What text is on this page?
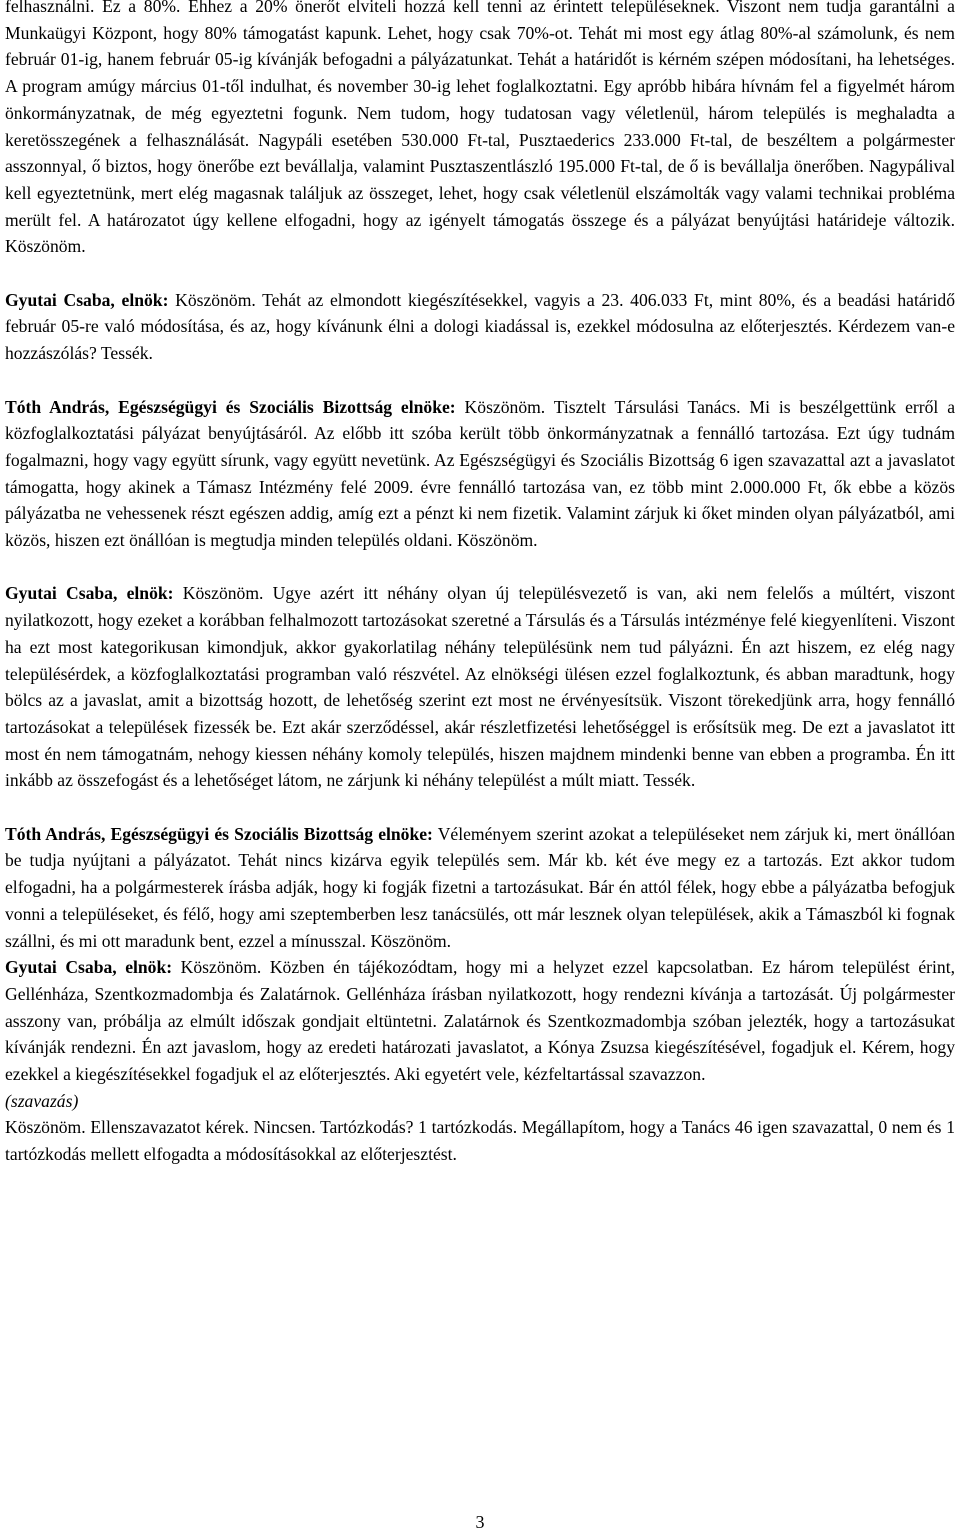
felhasználni. Ez a 80%. Ehhez a 20% önerőt elviteli hozzá kell tenni az érintett településeknek. Viszont nem tudja garantálni a Munkaügyi Központ, hogy 80% támogatást kapunk. Lehet, hogy csak 70%-ot. Tehát mi most egy átlag 80%-al számolunk, és nem február 01-ig, hanem február 05-ig kívánják befogadni a pályázatunkat. Tehát a határidőt is kérném szépen módosítani, ha lehetséges. A program amúgy március 01-től indulhat, és november 30-ig lehet foglalkoztatni. Egy apróbb hibára hívnám fel a figyelmét három önkormányzatnak, de még egyeztetni fogunk. Nem tudom, hogy tudatosan vagy véletlenül, három település is meghaladta a keretösszegének a felhasználását. Nagypáli esetében 530.000 Ft-tal, Pusztaederics 233.000 Ft-tal, de beszéltem a polgármester asszonnyal, ő biztos, hogy önerőbe ezt bevállalja, valamint Pusztaszentlászló 195.000 Ft-tal, de ő is bevállalja önerőben. Nagypálival kell egyeztetnünk, mert elég magasnak találjuk az összeget, lehet, hogy csak véletlenül elszámolták vagy valami technikai probléma merült fel. A határozatot úgy kellene elfogadni, hogy az igényelt támogatás összege és a pályázat benyújtási határideje változik. Köszönöm.

Gyutai Csaba, elnök: Köszönöm. Tehát az elmondott kiegészítésekkel, vagyis a 23. 406.033 Ft, mint 80%, és a beadási határidő február 05-re való módosítása, és az, hogy kívánunk élni a dologi kiadással is, ezekkel módosulna az előterjesztés. Kérdezem van-e hozzászólás? Tessék.

Tóth András, Egészségügyi és Szociális Bizottság elnöke: Köszönöm. Tisztelt Társulási Tanács. Mi is beszélgettünk erről a közfoglalkoztatási pályázat benyújtásáról. Az előbb itt szóba került több önkormányzatnak a fennálló tartozása. Ezt úgy tudnám fogalmazni, hogy vagy együtt sírunk, vagy együtt nevetünk. Az Egészségügyi és Szociális Bizottság 6 igen szavazattal azt a javaslatot támogatta, hogy akinek a Támasz Intézmény felé 2009. évre fennálló tartozása van, ez több mint 2.000.000 Ft, ők ebbe a közös pályázatba ne vehessenek részt egészen addig, amíg ezt a pénzt ki nem fizetik. Valamint zárjuk ki őket minden olyan pályázatból, ami közös, hiszen ezt önállóan is megtudja minden település oldani. Köszönöm.

Gyutai Csaba, elnök: Köszönöm. Ugye azért itt néhány olyan új településvezető is van, aki nem felelős a múltért, viszont nyilatkozott, hogy ezeket a korábban felhalmozott tartozásokat szeretné a Társulás és a Társulás intézménye felé kiegyenlíteni. Viszont ha ezt most kategorikusan kimondjuk, akkor gyakorlatilag néhány településünk nem tud pályázni. Én azt hiszem, ez elég nagy településérdek, a közfoglalkoztatási programban való részvétel. Az elnökségi ülésen ezzel foglalkoztunk, és abban maradtunk, hogy bölcs az a javaslat, amit a bizottság hozott, de lehetőség szerint ezt most ne érvényesítsük. Viszont törekedjünk arra, hogy fennálló tartozásokat a települések fizessék be. Ezt akár szerződéssel, akár részletfizetési lehetőséggel is erősítsük meg. De ezt a javaslatot itt most én nem támogatnám, nehogy kiessen néhány komoly település, hiszen majdnem mindenki benne van ebben a programba. Én itt inkább az összefogást és a lehetőséget látom, ne zárjunk ki néhány települést a múlt miatt. Tessék.

Tóth András, Egészségügyi és Szociális Bizottság elnöke: Véleményem szerint azokat a településeket nem zárjuk ki, mert önállóan be tudja nyújtani a pályázatot. Tehát nincs kizárva egyik település sem. Már kb. két éve megy ez a tartozás. Ezt akkor tudom elfogadni, ha a polgármesterek írásba adják, hogy ki fogják fizetni a tartozásukat. Bár én attól félek, hogy ebbe a pályázatba befogjuk vonni a településeket, és félő, hogy ami szeptemberben lesz tanácsülés, ott már lesznek olyan települések, akik a Támaszból ki fognak szállni, és mi ott maradunk bent, ezzel a mínusszal. Köszönöm.

Gyutai Csaba, elnök: Köszönöm. Közben én tájékozódtam, hogy mi a helyzet ezzel kapcsolatban. Ez három települést érint, Gellénháza, Szentkozmadombja és Zalatárnok. Gellénháza írásban nyilatkozott, hogy rendezni kívánja a tartozását. Új polgármester asszony van, próbálja az elmúlt időszak gondjait eltüntetni. Zalatárnok és Szentkozmadombja szóban jelezték, hogy a tartozásukat kívánják rendezni. Én azt javaslom, hogy az eredeti határozati javaslatot, a Kónya Zsuzsa kiegészítésével, fogadjuk el. Kérem, hogy ezekkel a kiegészítésekkel fogadjuk el az előterjesztés. Aki egyetért vele, kézfeltartással szavazzon.

(szavazás)

Köszönöm. Ellenszavazatot kérek. Nincsen. Tartózkodás? 1 tartózkodás. Megállapítom, hogy a Tanács 46 igen szavazattal, 0 nem és 1 tartózkodás mellett elfogadta a módosításokkal az előterjesztést.

3
